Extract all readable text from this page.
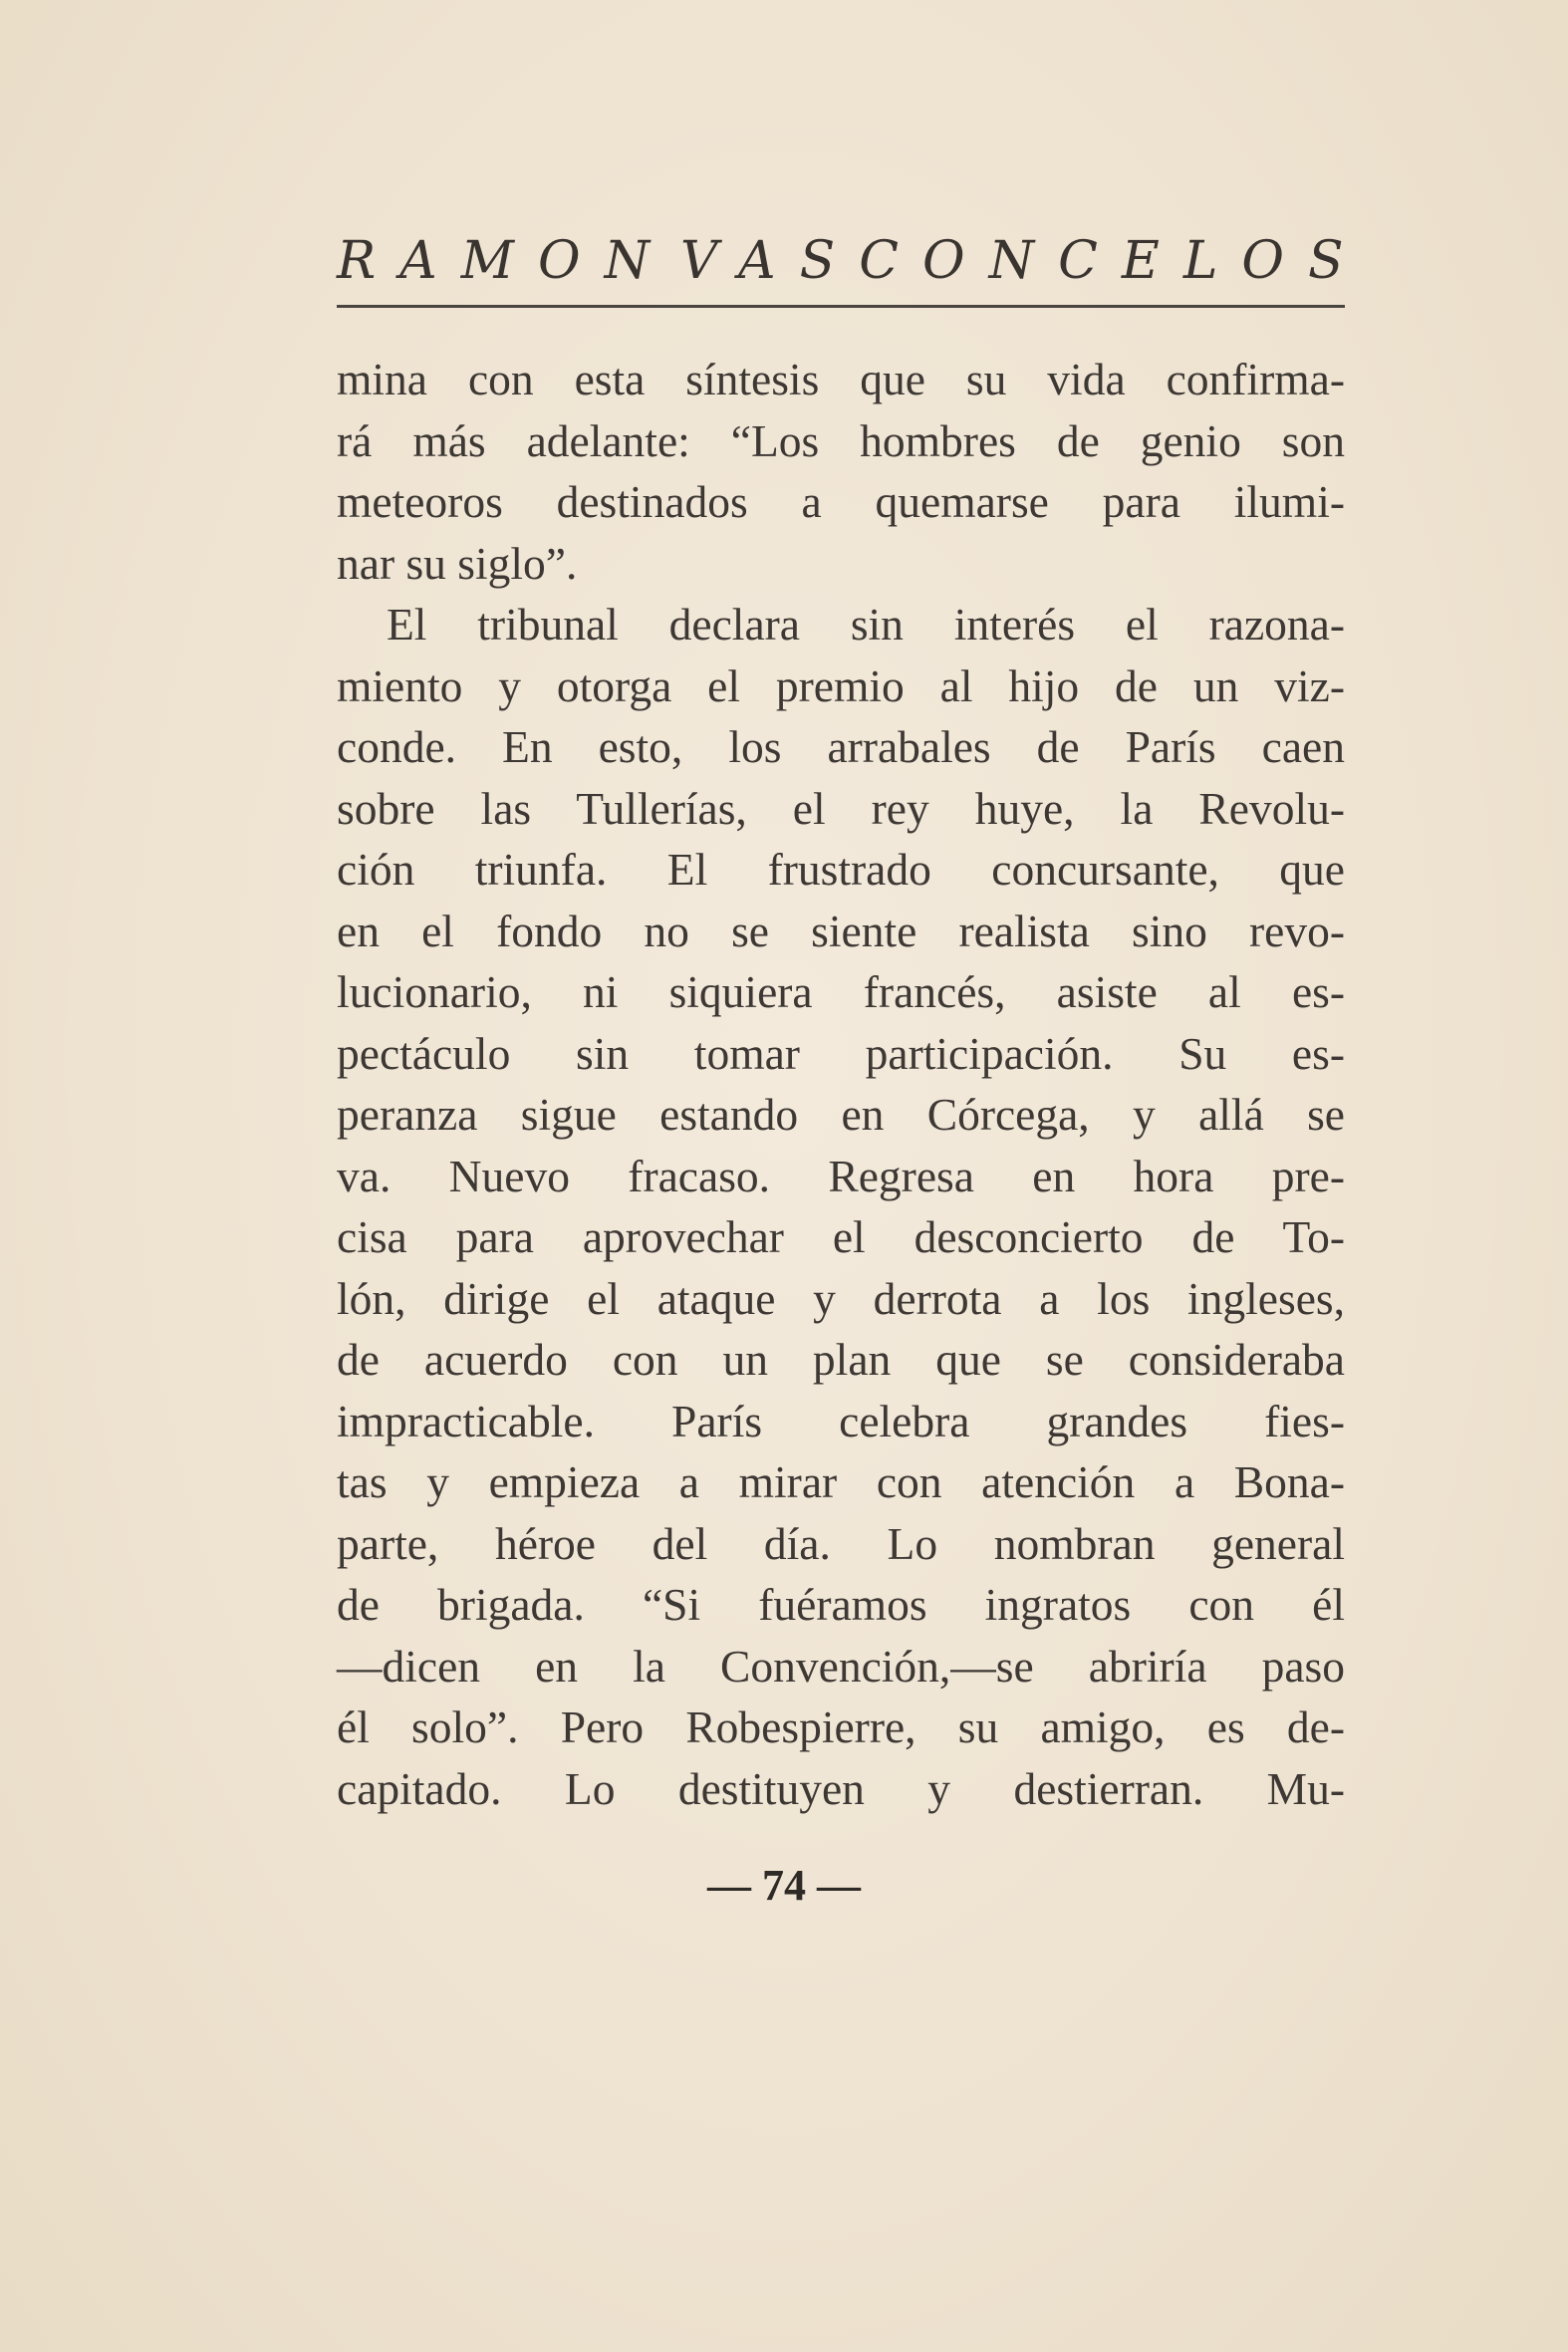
RAMON VASCONCELOS
mina con esta síntesis que su vida confirma-
rá más adelante: “Los hombres de genio son
meteoros destinados a quemarse para ilumi-
nar su siglo”.
El tribunal declara sin interés el razona-
miento y otorga el premio al hijo de un viz-
conde. En esto, los arrabales de París caen
sobre las Tullerías, el rey huye, la Revolu-
ción triunfa. El frustrado concursante, que
en el fondo no se siente realista sino revo-
lucionario, ni siquiera francés, asiste al es-
pectáculo sin tomar participación. Su es-
peranza sigue estando en Córcega, y allá se
va. Nuevo fracaso. Regresa en hora pre-
cisa para aprovechar el desconcierto de To-
lón, dirige el ataque y derrota a los ingleses,
de acuerdo con un plan que se consideraba
impracticable. París celebra grandes fies-
tas y empieza a mirar con atención a Bona-
parte, héroe del día. Lo nombran general
de brigada. “Si fuéramos ingratos con él
—dicen en la Convención,—se abriría paso
él solo”. Pero Robespierre, su amigo, es de-
capitado. Lo destituyen y destierran. Mu-
— 74 —
